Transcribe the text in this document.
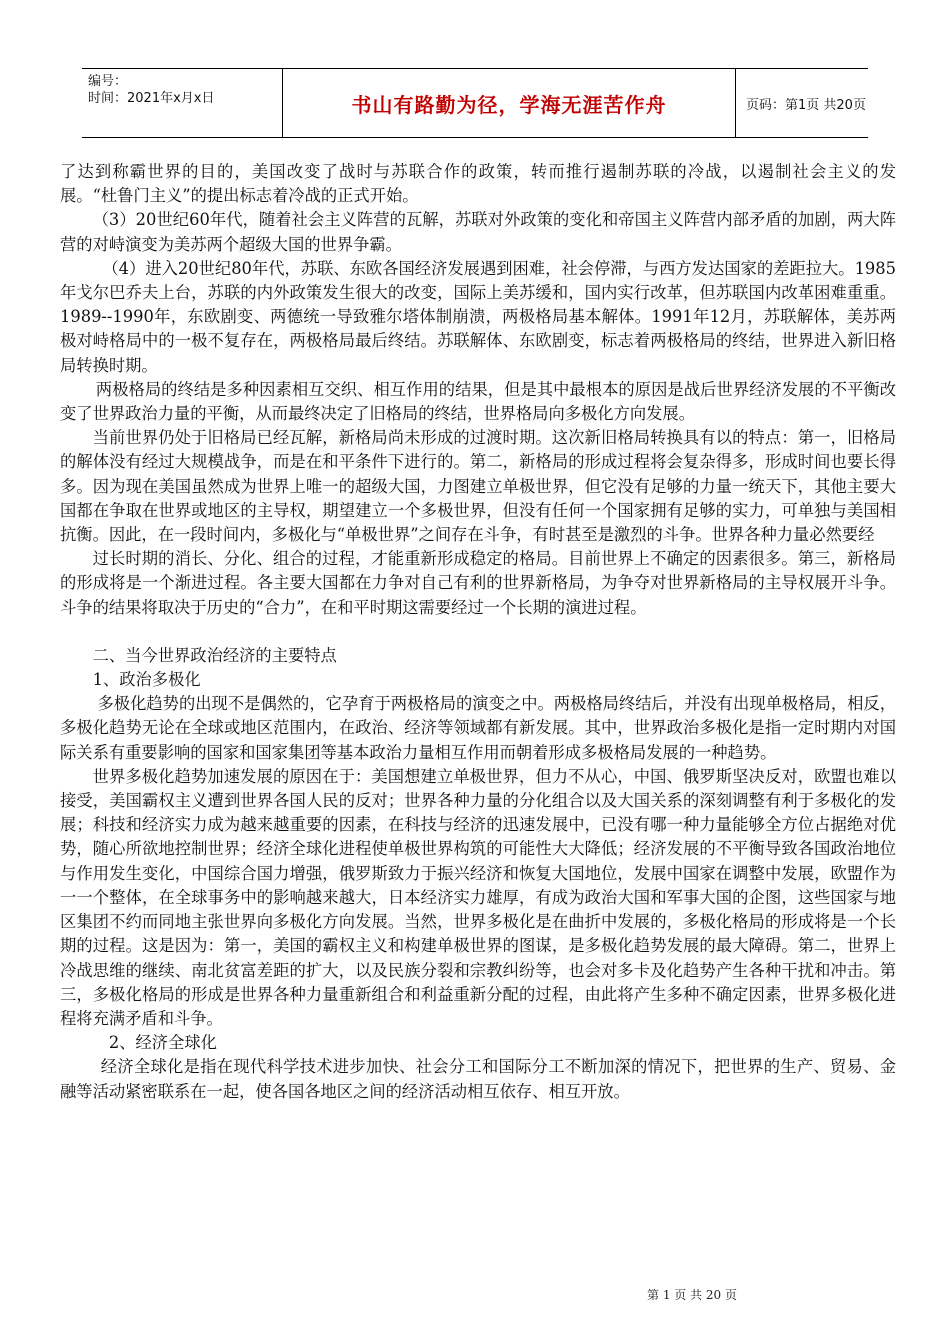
编号：
时间：2021年x月x日	书山有路勤为径，学海无涯苦作舟	页码：第1页 共20页

了达到称霸世界的目的，美国改变了战时与苏联合作的政策，转而推行遏制苏联的冷战，以遏制社会主义的发展。“杜鲁门主义”的提出标志着冷战的正式开始。

（3）20世纪60年代，随着社会主义阵营的瓦解，苏联对外政策的变化和帝国主义阵营内部矛盾的加剧，两大阵营的对峙演变为美苏两个超级大国的世界争霸。

（4）进入20世纪80年代，苏联、东欧各国经济发展遇到困难，社会停滞，与西方发达国家的差距拉大。1985年戈尔巴乔夫上台，苏联的内外政策发生很大的改变，国际上美苏缓和，国内实行改革，但苏联国内改革困难重重。1989--1990年，东欧剧变、两德统一导致雅尔塔体制崩溃，两极格局基本解体。1991年12月，苏联解体，美苏两极对峙格局中的一极不复存在，两极格局最后终结。苏联解体、东欧剧变，标志着两极格局的终结，世界进入新旧格局转换时期。

两极格局的终结是多种因素相互交织、相互作用的结果，但是其中最根本的原因是战后世界经济发展的不平衡改变了世界政治力量的平衡，从而最终决定了旧格局的终结，世界格局向多极化方向发展。

当前世界仍处于旧格局已经瓦解，新格局尚未形成的过渡时期。这次新旧格局转换具有以的特点：第一，旧格局的解体没有经过大规模战争，而是在和平条件下进行的。第二，新格局的形成过程将会复杂得多，形成时间也要长得多。因为现在美国虽然成为世界上唯一的超级大国，力图建立单极世界，但它没有足够的力量一统天下，其他主要大国都在争取在世界或地区的主导权，期望建立一个多极世界，但没有任何一个国家拥有足够的实力，可单独与美国相抗衡。因此，在一段时间内，多极化与“单极世界”之间存在斗争，有时甚至是激烈的斗争。世界各种力量必然要经

过长时期的消长、分化、组合的过程，才能重新形成稳定的格局。目前世界上不确定的因素很多。第三，新格局的形成将是一个渐进过程。各主要大国都在力争对自己有利的世界新格局，为争夺对世界新格局的主导权展开斗争。斗争的结果将取决于历史的“合力”，在和平时期这需要经过一个长期的演进过程。

二、当今世界政治经济的主要特点

1、政治多极化

多极化趋势的出现不是偶然的，它孕育于两极格局的演变之中。两极格局终结后，并没有出现单极格局，相反，多极化趋势无论在全球或地区范围内，在政治、经济等领域都有新发展。其中，世界政治多极化是指一定时期内对国际关系有重要影响的国家和国家集团等基本政治力量相互作用而朝着形成多极格局发展的一种趋势。

世界多极化趋势加速发展的原因在于：美国想建立单极世界，但力不从心，中国、俄罗斯坚决反对，欧盟也难以接受，美国霸权主义遭到世界各国人民的反对；世界各种力量的分化组合以及大国关系的深刻调整有利于多极化的发展；科技和经济实力成为越来越重要的因素，在科技与经济的迅速发展中，已没有哪一种力量能够全方位占据绝对优势，随心所欲地控制世界；经济全球化进程使单极世界构筑的可能性大大降低；经济发展的不平衡导致各国政治地位与作用发生变化，中国综合国力增强，俄罗斯致力于振兴经济和恢复大国地位，发展中国家在调整中发展，欧盟作为一一个整体，在全球事务中的影响越来越大，日本经济实力雄厚，有成为政治大国和军事大国的企图，这些国家与地区集团不约而同地主张世界向多极化方向发展。当然，世界多极化是在曲折中发展的，多极化格局的形成将是一个长期的过程。这是因为：第一，美国的霸权主义和构建单极世界的图谋，是多极化趋势发展的最大障碍。第二，世界上冷战思维的继续、南北贫富差距的扩大，以及民族分裂和宗教纠纷等，也会对多卡及化趋势产生各种干扰和冲击。第三，多极化格局的形成是世界各种力量重新组合和利益重新分配的过程，由此将产生多种不确定因素，世界多极化进程将充满矛盾和斗争。

2、经济全球化

经济全球化是指在现代科学技术进步加快、社会分工和国际分工不断加深的情况下，把世界的生产、贸易、金融等活动紧密联系在一起，使各国各地区之间的经济活动相互依存、相互开放。

第 1 页 共 20 页
